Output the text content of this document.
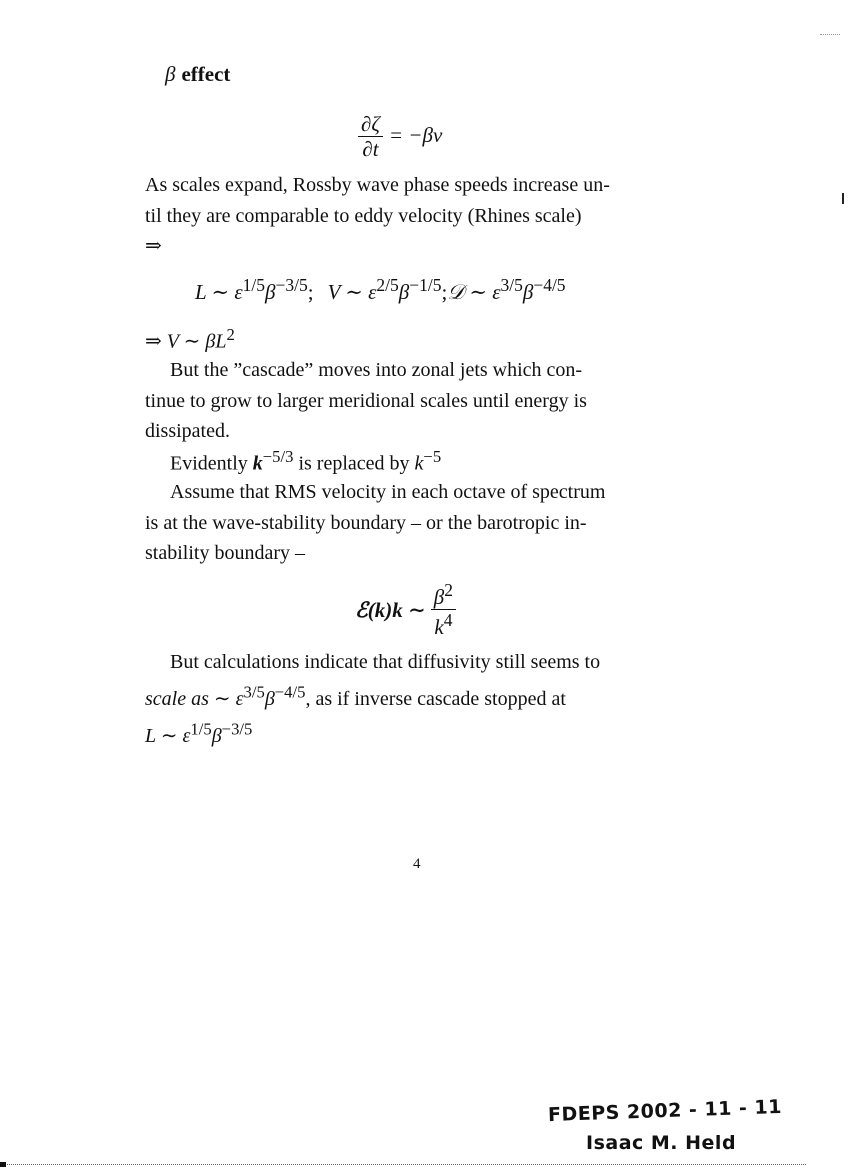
β effect
$\frac{\partial\zeta}{\partial t} = -\beta v$
As scales expand, Rossby wave phase speeds increase un-
til they are comparable to eddy velocity (Rhines scale)
⇒
L ∼ $\varepsilon^{1/5}\beta^{-3/5}$; V ∼ $\varepsilon^{2/5}\beta^{-1/5};𝒟$ ∼ $\varepsilon^{3/5}\beta^{-4/5}$
⇒ V ∼ $\beta L^2$
But the ”cascade” moves into zonal jets which con-
tinue to grow to larger meridional scales until energy is
dissipated.
Evidently $k^{-5/3}$ is replaced by $k^{-5}$
Assume that RMS velocity in each octave of spectrum
is at the wave-stability boundary – or the barotropic in-
stability boundary –
ℰ(k)k ∼ $\frac{\beta^2}{k^4}$
But calculations indicate that diffusivity still seems to
scale as ∼ $\varepsilon^{3/5}\beta^{-4/5}$, as if inverse cascade stopped at
L ∼ $\varepsilon^{1/5}\beta^{-3/5}$
4
FDEPS 2002 - 11 - 11
Isaac M. Held
